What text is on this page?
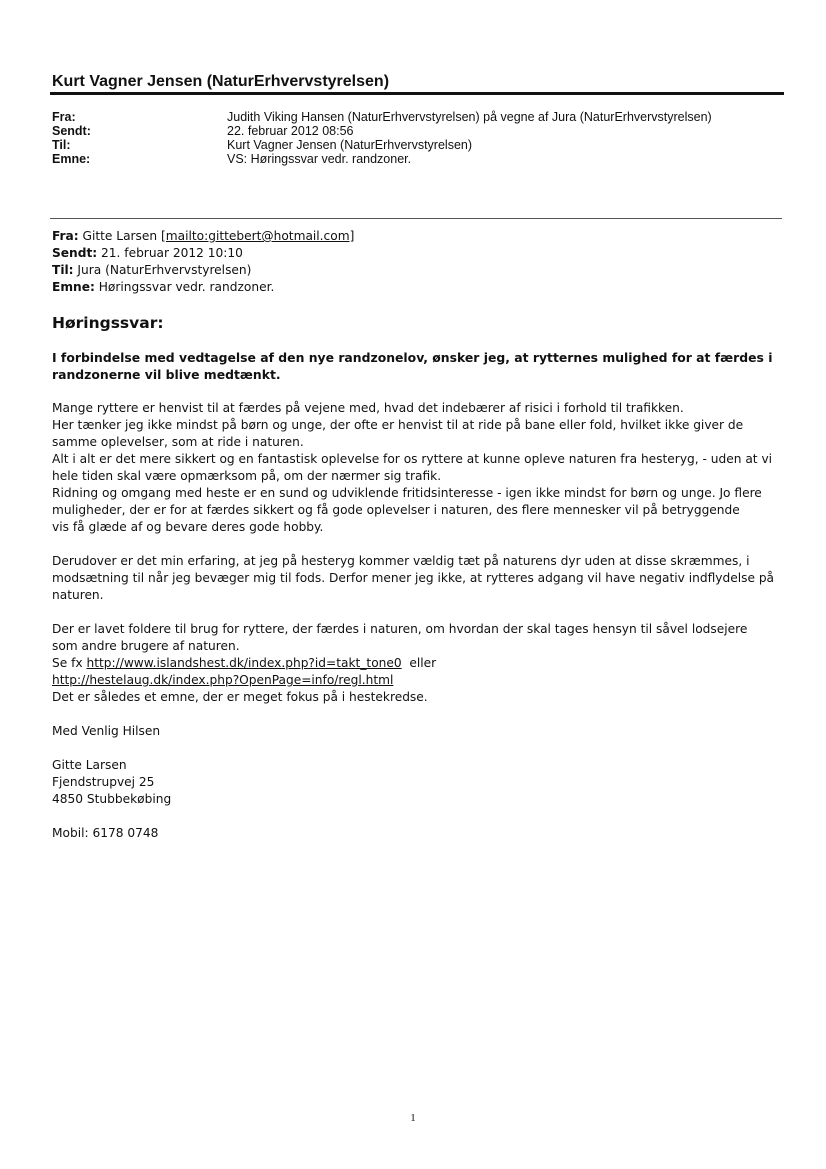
Kurt Vagner Jensen (NaturErhvervstyrelsen)
Fra:	Judith Viking Hansen (NaturErhvervstyrelsen) på vegne af Jura (NaturErhvervstyrelsen)
Sendt:	22. februar 2012 08:56
Til:	Kurt Vagner Jensen (NaturErhvervstyrelsen)
Emne:	VS: Høringssvar vedr. randzoner.
Fra: Gitte Larsen [mailto:gittebert@hotmail.com]
Sendt: 21. februar 2012 10:10
Til: Jura (NaturErhvervstyrelsen)
Emne: Høringssvar vedr. randzoner.
Høringssvar:
I forbindelse med vedtagelse af den nye randzonelov, ønsker jeg, at rytternes mulighed for at færdes i randzonerne vil blive medtænkt.

Mange ryttere er henvist til at færdes på vejene med, hvad det indebærer af risici i forhold til trafikken.
Her tænker jeg ikke mindst på børn og unge, der ofte er henvist til at ride på bane eller fold, hvilket ikke giver de
samme oplevelser, som at ride i naturen.
Alt i alt er det mere sikkert og en fantastisk oplevelse for os ryttere at kunne opleve naturen fra hesteryg, - uden at vi
hele tiden skal være opmærksom på, om der nærmer sig trafik.
Ridning og omgang med heste er en sund og udviklende fritidsinteresse - igen ikke mindst for børn og unge. Jo flere
muligheder, der er for at færdes sikkert og få gode oplevelser i naturen, des flere mennesker vil på betryggende
vis få glæde af og bevare deres gode hobby.

Derudover er det min erfaring, at jeg på hesteryg kommer vældig tæt på naturens dyr uden at disse skræmmes, i
modsætning til når jeg bevæger mig til fods. Derfor mener jeg ikke, at rytteres adgang vil have negativ indflydelse på
naturen.

Der er lavet foldere til brug for ryttere, der færdes i naturen, om hvordan der skal tages hensyn til såvel lodsejere
som andre brugere af naturen.
Se fx http://www.islandshest.dk/index.php?id=takt_tone0 eller
http://hestelaug.dk/index.php?OpenPage=info/regl.html
Det er således et emne, der er meget fokus på i hestekredse.

Med Venlig Hilsen

Gitte Larsen
Fjendstrupvej 25
4850 Stubbekøbing

Mobil: 6178 0748

1
